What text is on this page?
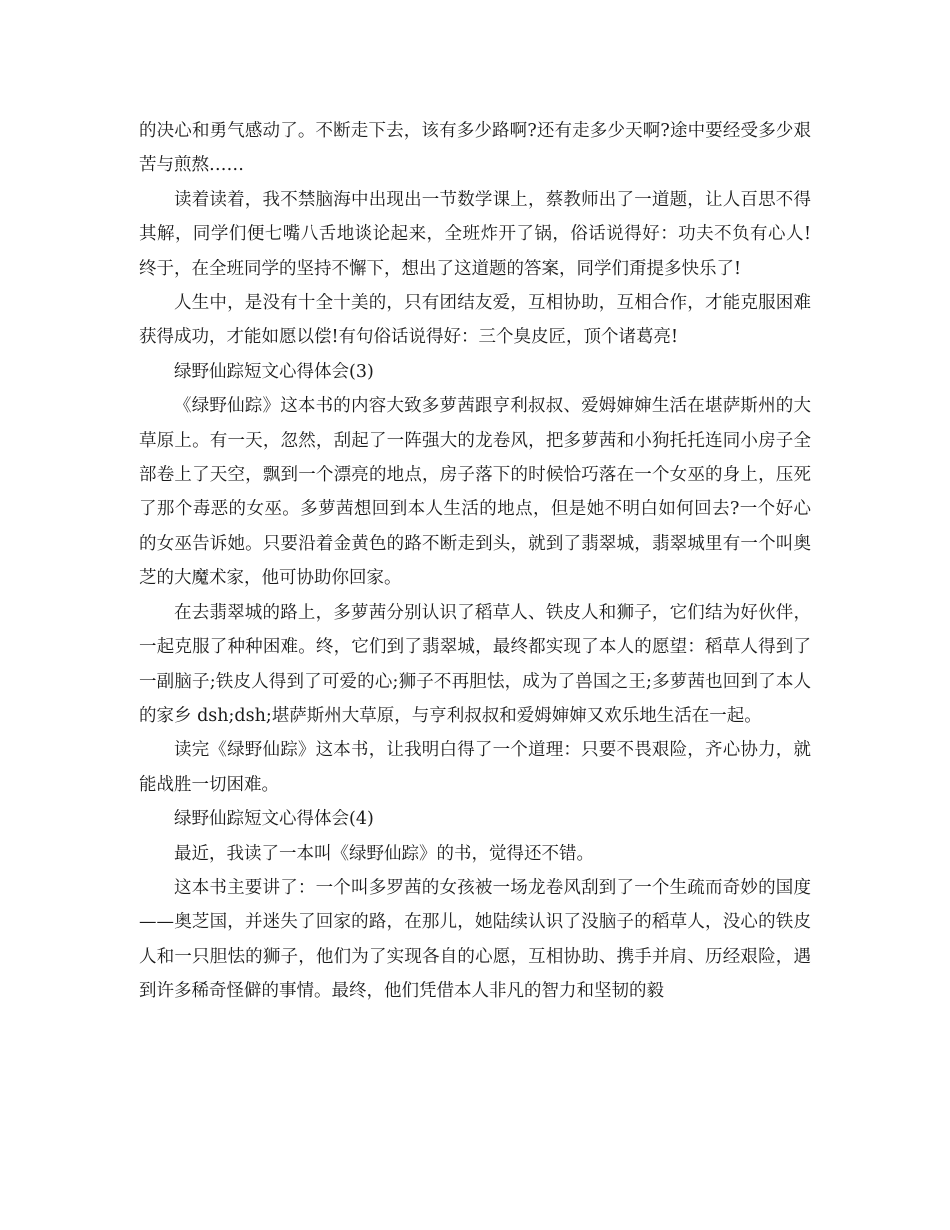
的决心和勇气感动了。不断走下去，该有多少路啊?还有走多少天啊?途中要经受多少艰苦与煎熬……

读着读着，我不禁脑海中出现出一节数学课上，蔡教师出了一道题，让人百思不得其解，同学们便七嘴八舌地谈论起来，全班炸开了锅，俗话说得好：功夫不负有心人!终于，在全班同学的坚持不懈下，想出了这道题的答案，同学们甭提多快乐了!

人生中，是没有十全十美的，只有团结友爱，互相协助，互相合作，才能克服困难获得成功，才能如愿以偿!有句俗话说得好：三个臭皮匠，顶个诸葛亮!

绿野仙踪短文心得体会(3)

《绿野仙踪》这本书的内容大致多萝茜跟亨利叔叔、爱姆婶婶生活在堪萨斯州的大草原上。有一天，忽然，刮起了一阵强大的龙卷风，把多萝茜和小狗托托连同小房子全部卷上了天空，飘到一个漂亮的地点，房子落下的时候恰巧落在一个女巫的身上，压死了那个毒恶的女巫。多萝茜想回到本人生活的地点，但是她不明白如何回去?一个好心的女巫告诉她。只要沿着金黄色的路不断走到头，就到了翡翠城，翡翠城里有一个叫奥芝的大魔术家，他可协助你回家。

在去翡翠城的路上，多萝茜分别认识了稻草人、铁皮人和狮子，它们结为好伙伴，一起克服了种种困难。终，它们到了翡翠城，最终都实现了本人的愿望：稻草人得到了一副脑子;铁皮人得到了可爱的心;狮子不再胆怯，成为了兽国之王;多萝茜也回到了本人的家乡 dsh;dsh;堪萨斯州大草原，与亨利叔叔和爱姆婶婶又欢乐地生活在一起。

读完《绿野仙踪》这本书，让我明白得了一个道理：只要不畏艰险，齐心协力，就能战胜一切困难。

绿野仙踪短文心得体会(4)

最近，我读了一本叫《绿野仙踪》的书，觉得还不错。

这本书主要讲了：一个叫多罗茜的女孩被一场龙卷风刮到了一个生疏而奇妙的国度——奥芝国，并迷失了回家的路，在那儿，她陆续认识了没脑子的稻草人，没心的铁皮人和一只胆怯的狮子，他们为了实现各自的心愿，互相协助、携手并肩、历经艰险，遇到许多稀奇怪僻的事情。最终，他们凭借本人非凡的智力和坚韧的毅
